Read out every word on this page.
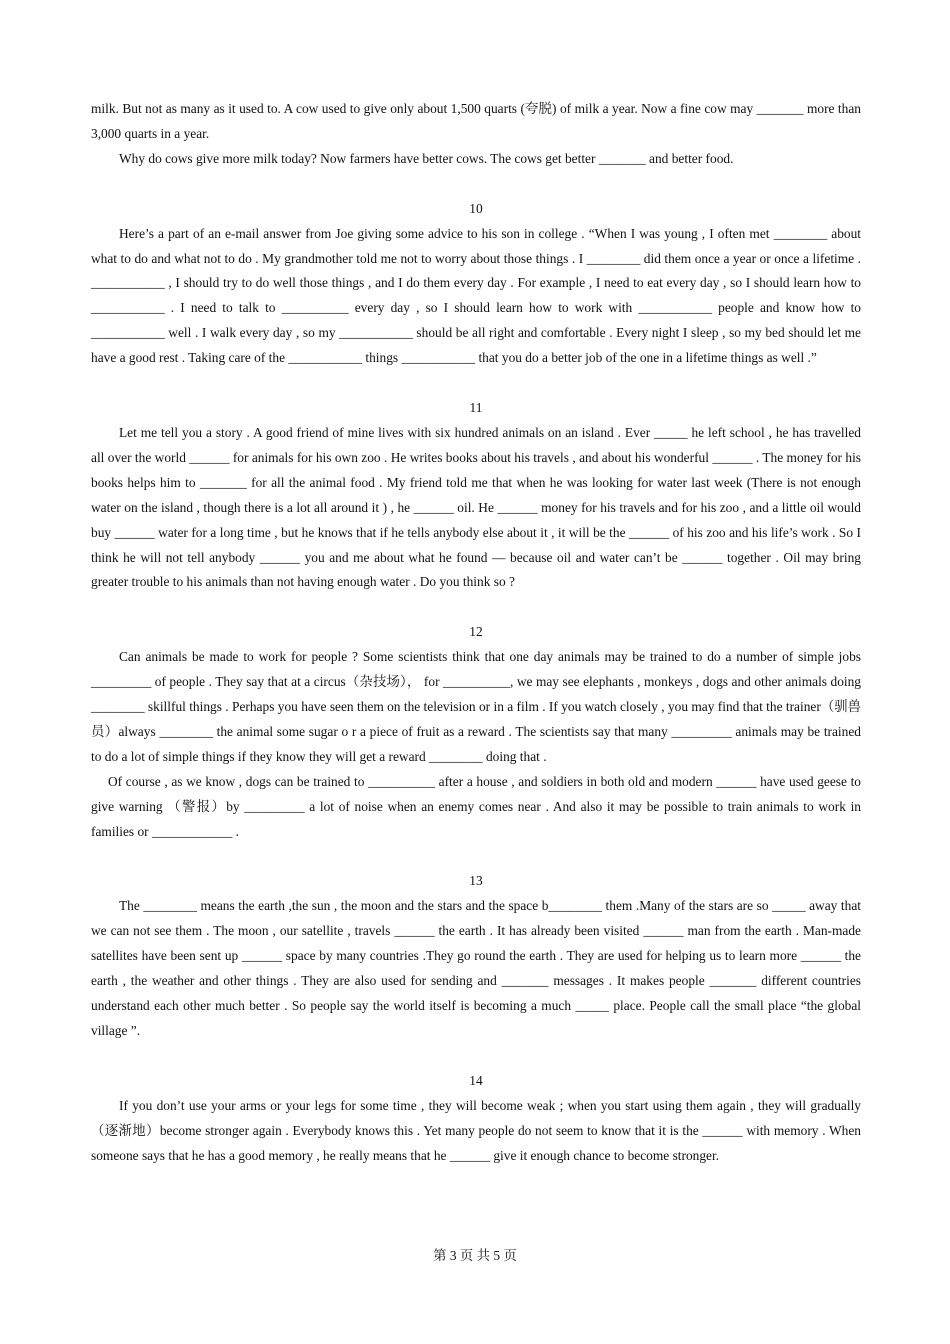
milk. But not as many as it used to. A cow used to give only about 1,500 quarts (夸脱) of milk a year. Now a fine cow may _______ more than 3,000 quarts in a year.

Why do cows give more milk today? Now farmers have better cows. The cows get better _______ and better food.

10

Here’s a part of an e-mail answer from Joe giving some advice to his son in college . “When I was young , I often met ________ about what to do and what not to do . My grandmother told me not to worry about those things . I ________ did them once a year or once a lifetime . ___________ , I should try to do well those things , and I do them every day . For example , I need to eat every day , so I should learn how to ___________ . I need to talk to __________ every day , so I should learn how to work with ___________ people and know how to ___________ well . I walk every day , so my ___________ should be all right and comfortable . Every night I sleep , so my bed should let me have a good rest . Taking care of the ___________ things ___________ that you do a better job of the one in a lifetime things as well .”

11

Let me tell you a story . A good friend of mine lives with six hundred animals on an island . Ever _____ he left school , he has travelled all over the world ______ for animals for his own zoo . He writes books about his travels , and about his wonderful ______ . The money for his books helps him to _______ for all the animal food . My friend told me that when he was looking for water last week (There is not enough water on the island , though there is a lot all around it ) , he ______ oil. He ______ money for his travels and for his zoo , and a little oil would buy ______ water for a long time , but he knows that if he tells anybody else about it , it will be the ______ of his zoo and his life’s work . So I think he will not tell anybody ______ you and me about what he found — because oil and water can’t be ______ together . Oil may bring greater trouble to his animals than not having enough water . Do you think so ?

12

Can animals be made to work for people ? Some scientists think that one day animals may be trained to do a number of simple jobs _________ of people . They say that at a circus（杂技场）， for __________, we may see elephants , monkeys , dogs and other animals doing ________ skillful things . Perhaps you have seen them on the television or in a film . If you watch closely , you may find that the trainer（驯兽员）always ________ the animal some sugar o r a piece of fruit as a reward . The scientists say that many _________ animals may be trained to do a lot of simple things if they know they will get a reward ________ doing that .

Of course , as we know , dogs can be trained to __________ after a house , and soldiers in both old and modern ______ have used geese to give warning （警报）by _________ a lot of noise when an enemy comes near . And also it may be possible to train animals to work in families or ____________ .

13

The ________ means the earth ,the sun , the moon and the stars and the space b________ them .Many of the stars are so _____ away that we can not see them . The moon , our satellite , travels ______ the earth . It has already been visited ______ man from the earth . Man-made satellites have been sent up ______ space by many countries .They go round the earth . They are used for helping us to learn more ______ the earth , the weather and other things . They are also used for sending and _______ messages . It makes people _______ different countries understand each other much better . So people say the world itself is becoming a much _____ place. People call the small place “the global village ”.

14

If you don’t use your arms or your legs for some time , they will become weak ; when you start using them again , they will gradually （逐渐地）become stronger again . Everybody knows this . Yet many people do not seem to know that it is the ______ with memory . When someone says that he has a good memory , he really means that he ______ give it enough chance to become stronger.

第 3 页 共 5 页
